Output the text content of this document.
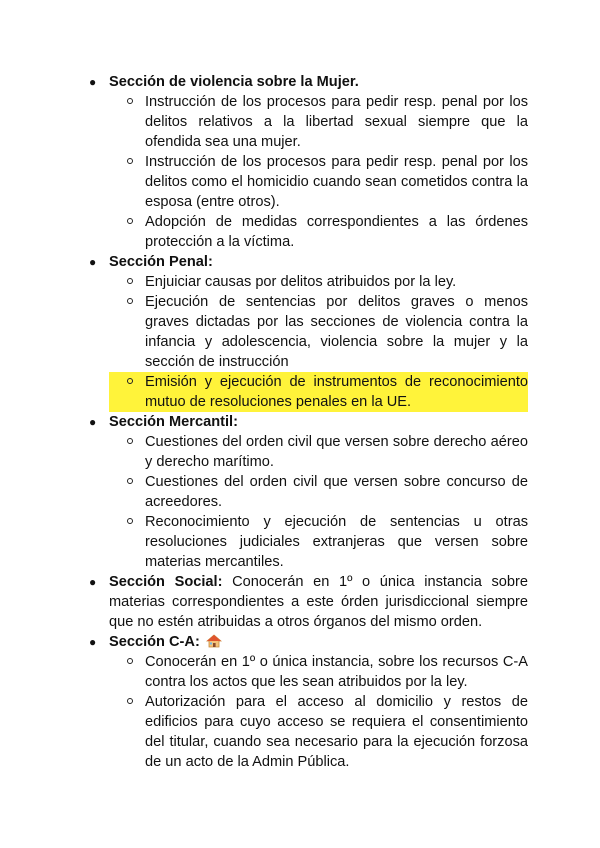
● Sección de violencia sobre la Mujer.
Instrucción de los procesos para pedir resp. penal por los delitos relativos a la libertad sexual siempre que la ofendida sea una mujer.
Instrucción de los procesos para pedir resp. penal por los delitos como el homicidio cuando sean cometidos contra la esposa (entre otros).
Adopción de medidas correspondientes a las órdenes protección a la víctima.
● Sección Penal:
Enjuiciar causas por delitos atribuidos por la ley.
Ejecución de sentencias por delitos graves o menos graves dictadas por las secciones de violencia contra la infancia y adolescencia, violencia sobre la mujer y la sección de instrucción
Emisión y ejecución de instrumentos de reconocimiento mutuo de resoluciones penales en la UE.
● Sección Mercantil:
Cuestiones del orden civil que versen sobre derecho aéreo y derecho marítimo.
Cuestiones del orden civil que versen sobre concurso de acreedores.
Reconocimiento y ejecución de sentencias u otras resoluciones judiciales extranjeras que versen sobre materias mercantiles.
● Sección Social: Conocerán en 1º o única instancia sobre materias correspondientes a este órden jurisdiccional siempre que no estén atribuidas a otros órganos del mismo orden.
● Sección C-A:
Conocerán en 1º o única instancia, sobre los recursos C-A contra los actos que les sean atribuidos por la ley.
Autorización para el acceso al domicilio y restos de edificios para cuyo acceso se requiera el consentimiento del titular, cuando sea necesario para la ejecución forzosa de un acto de la Admin Pública.
